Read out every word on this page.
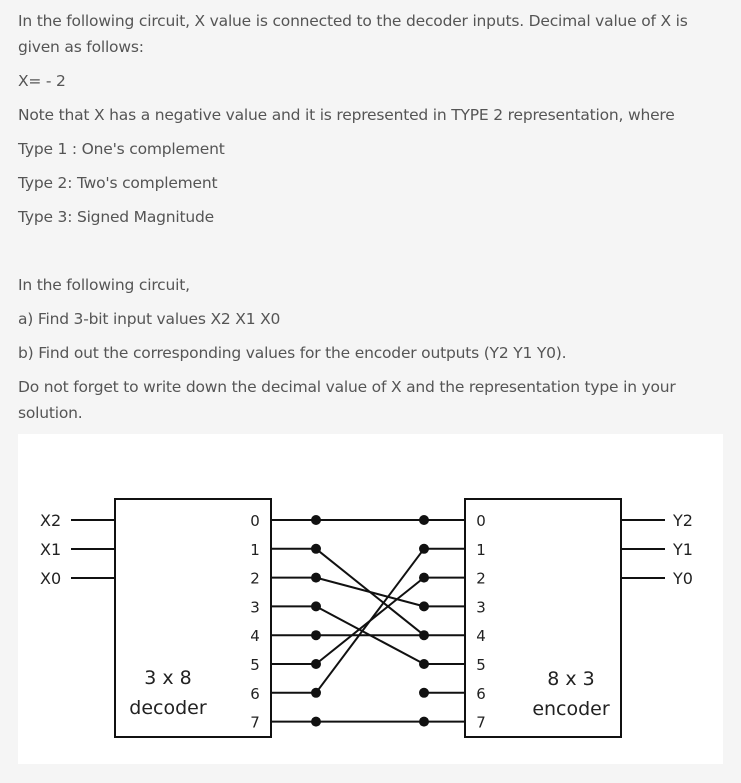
In the following circuit, X value is connected to the decoder inputs. Decimal value of X is given as follows:
X= - 2
Note that X has a negative value and it is represented in TYPE 2 representation, where
Type 1 : One's complement
Type 2: Two's complement
Type 3: Signed Magnitude
In the following circuit,
a) Find 3-bit input values X2 X1 X0
b) Find out the corresponding values for the encoder outputs (Y2 Y1 Y0).
Do not forget to write down the decimal value of X and the representation type in your solution.
X2
X1
X0
Y2
Y1
Y0
3 x 8
decoder
8 x 3
encoder
0
1
2
3
4
5
6
7
0
1
2
3
4
5
6
7
